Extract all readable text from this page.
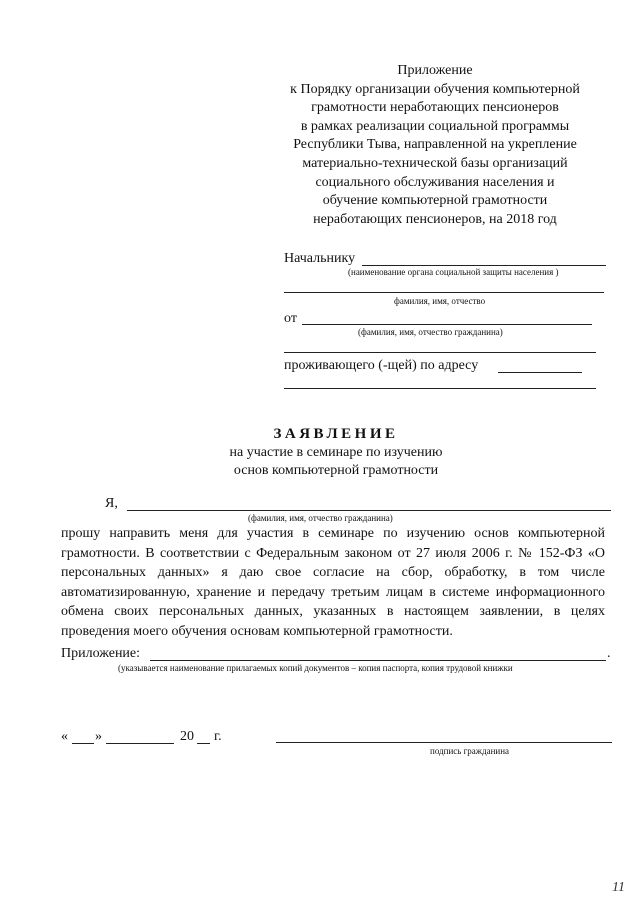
Приложение
к Порядку организации обучения компьютерной
грамотности неработающих пенсионеров
в рамках реализации социальной программы
Республики Тыва, направленной на укрепление
материально-технической базы организаций
социального обслуживания населения и
обучение компьютерной грамотности
неработающих пенсионеров, на 2018 год
Начальнику
(наименование органа социальной защиты населения )
фамилия, имя, отчество
от
(фамилия, имя, отчество гражданина)
проживающего (-щей) по адресу
ЗАЯВЛЕНИЕ
на участие в семинаре по изучению
основ компьютерной грамотности
Я,
(фамилия, имя, отчество гражданина)
прошу направить меня для участия в семинаре по изучению основ компьютерной грамотности. В соответствии с Федеральным законом от 27 июля 2006 г. № 152-ФЗ «О персональных данных» я даю свое согласие на сбор, обработку, в том числе автоматизированную, хранение и передачу третьим лицам в системе информационного обмена своих персональных данных, указанных в настоящем заявлении, в целях проведения моего обучения основам компьютерной грамотности.
Приложение:	.
(указывается наименование прилагаемых копий документов – копия паспорта, копия трудовой книжки
« »	20 г.
подпись гражданина
11
